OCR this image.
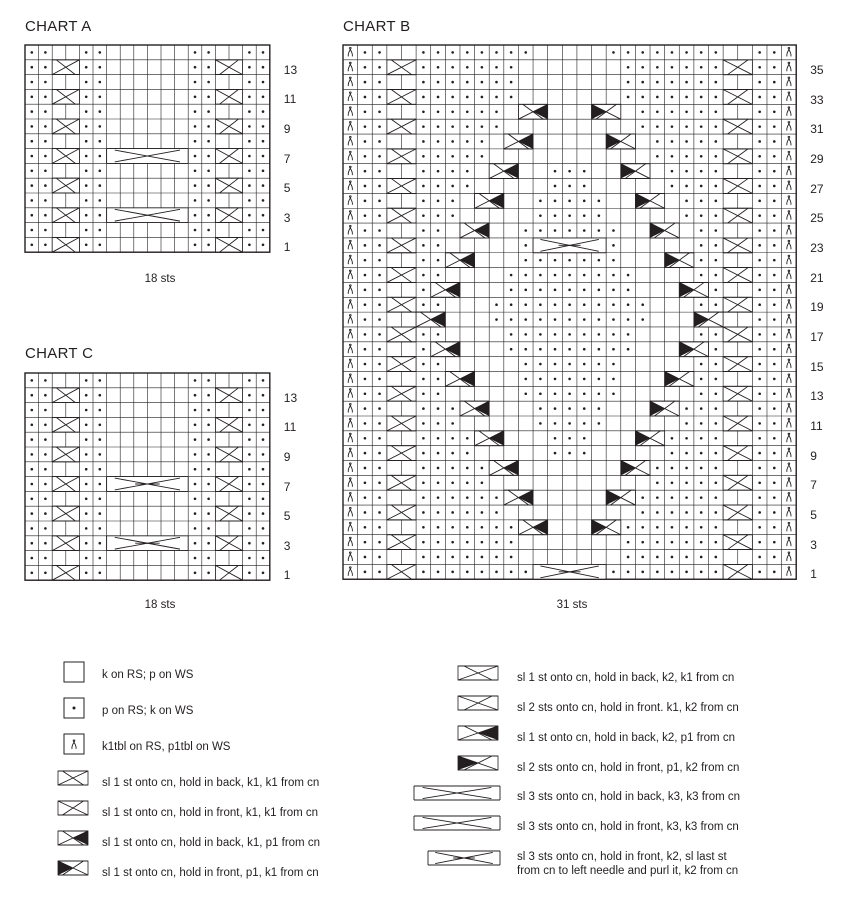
CHART A	CHART B
CHART C
13
11
9
7
5
3
1
35
33
31
29
27
25
23
21
19
17
15
13
11
9
7
5
3
1
13
11
9
7
5
3
1
18 sts
18 sts	31 sts
k on RS; p on WS
p on RS; k on WS
k1tbl on RS, p1tbl on WS
sl 1 st onto cn, hold in back, k1, k1 from cn
sl 1 st onto cn, hold in front, k1, k1 from cn
sl 1 st onto cn, hold in back, k1, p1 from cn
sl 1 st onto cn, hold in front, p1, k1 from cn
sl 1 st onto cn, hold in back, k2, k1 from cn
sl 2 sts onto cn, hold in front. k1, k2 from cn
sl 1 st onto cn, hold in back, k2, p1 from cn
sl 2 sts onto cn, hold in front, p1, k2 from cn
sl 3 sts onto cn, hold in back, k3, k3 from cn
sl 3 sts onto cn, hold in front, k3, k3 from cn
sl 3 sts onto cn, hold in front, k2, sl last st
from cn to left needle and purl it, k2 from cn
